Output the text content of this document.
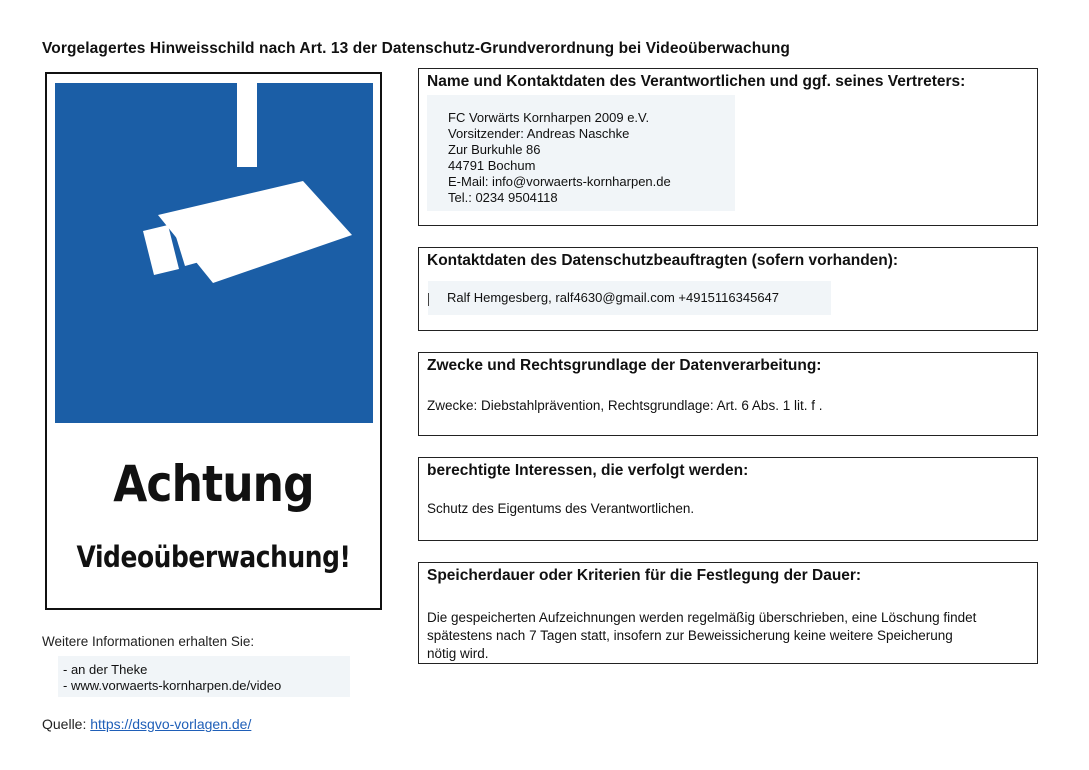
Vorgelagertes Hinweisschild nach Art. 13 der Datenschutz-Grundverordnung bei Videoüberwachung
Achtung
Videoüberwachung!
Weitere Informationen erhalten Sie:
- an der Theke
- www.vorwaerts-kornharpen.de/video
Quelle: https://dsgvo-vorlagen.de/
Name und Kontaktdaten des Verantwortlichen und ggf. seines Vertreters:
FC Vorwärts Kornharpen 2009 e.V.
Vorsitzender: Andreas Naschke
Zur Burkuhle 86
44791 Bochum
E-Mail: info@vorwaerts-kornharpen.de
Tel.: 0234 9504118
Kontaktdaten des Datenschutzbeauftragten (sofern vorhanden):
Ralf Hemgesberg, ralf4630@gmail.com +4915116345647
Zwecke und Rechtsgrundlage der Datenverarbeitung:
Zwecke: Diebstahlprävention, Rechtsgrundlage: Art. 6 Abs. 1 lit. f .
berechtigte Interessen, die verfolgt werden:
Schutz des Eigentums des Verantwortlichen.
Speicherdauer oder Kriterien für die Festlegung der Dauer:
Die gespeicherten Aufzeichnungen werden regelmäßig überschrieben, eine Löschung findet
spätestens nach 7 Tagen statt, insofern zur Beweissicherung keine weitere Speicherung
nötig wird.
